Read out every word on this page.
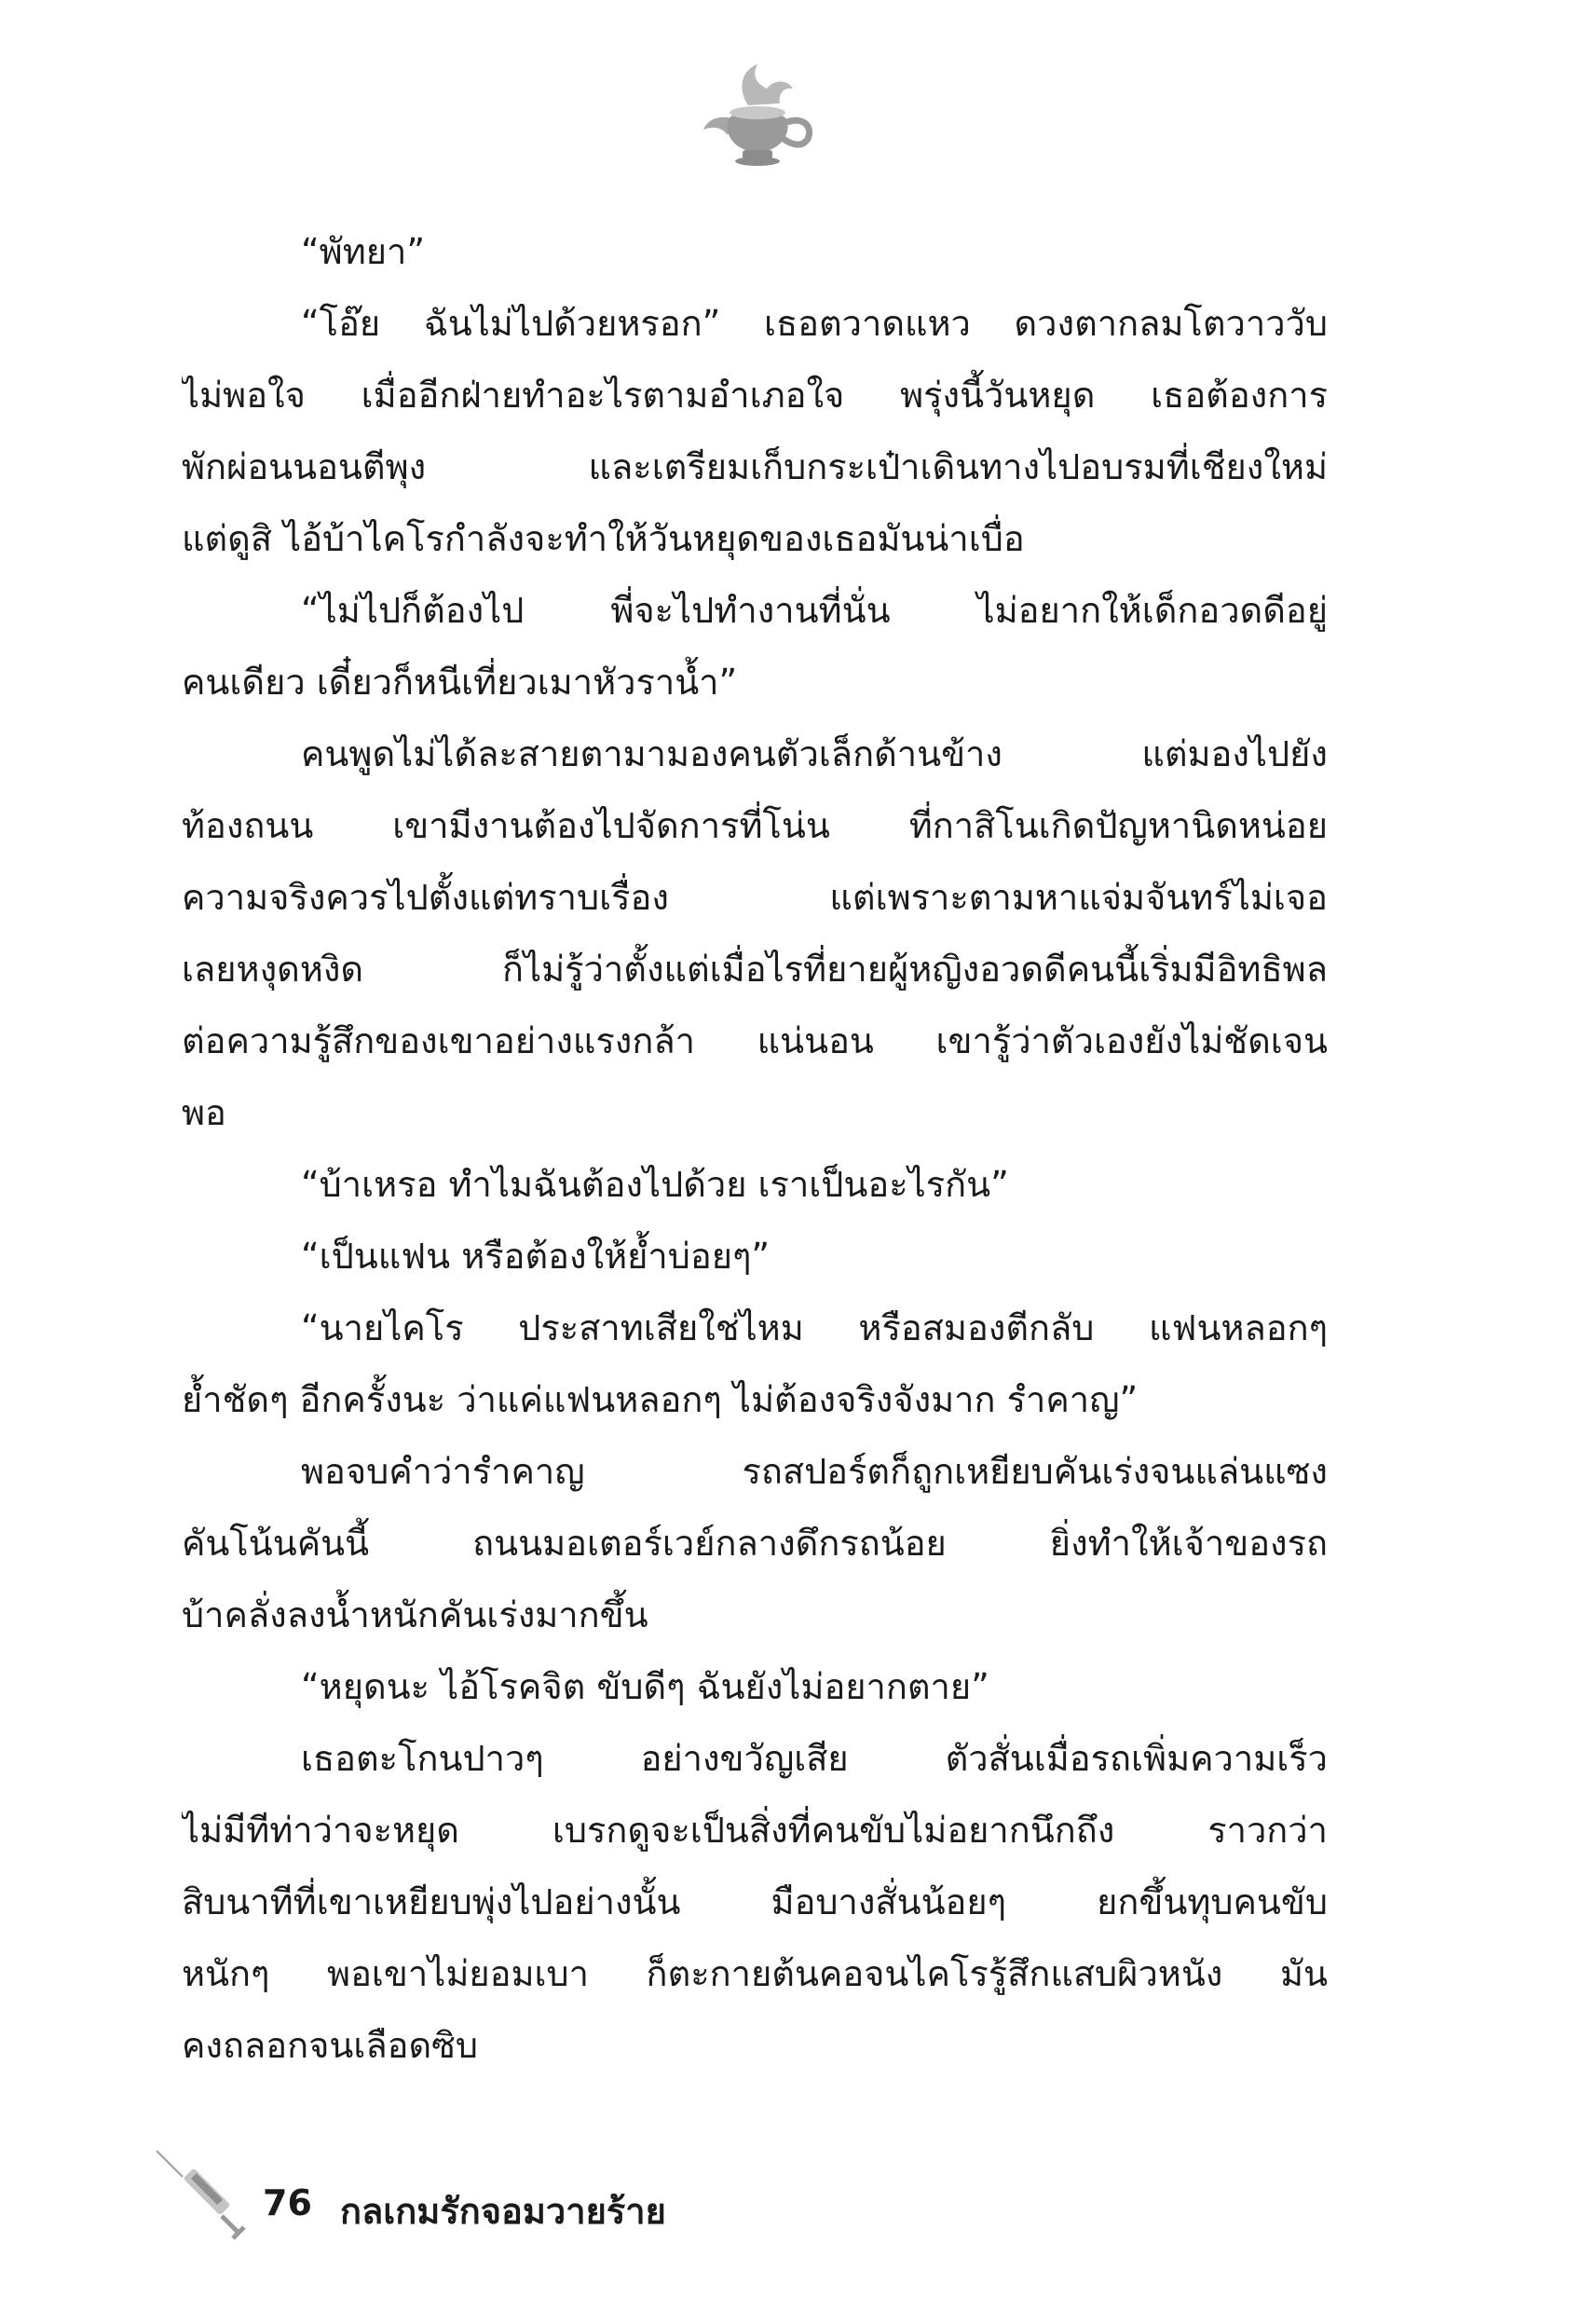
“พัทยา”
“โอ๊ย ฉันไม่ไปด้วยหรอก” เธอตวาดแหว ดวงตากลมโตวาววับ
ไม่พอใจ เมื่ออีกฝ่ายทำอะไรตามอำเภอใจ พรุ่งนี้วันหยุด เธอต้องการ
พักผ่อนนอนตีพุง และเตรียมเก็บกระเป๋าเดินทางไปอบรมที่เชียงใหม่
แต่ดูสิ ไอ้บ้าไคโรกำลังจะทำให้วันหยุดของเธอมันน่าเบื่อ
“ไม่ไปก็ต้องไป พี่จะไปทำงานที่นั่น ไม่อยากให้เด็กอวดดีอยู่
คนเดียว เดี๋ยวก็หนีเที่ยวเมาหัวราน้ำ”
คนพูดไม่ได้ละสายตามามองคนตัวเล็กด้านข้าง แต่มองไปยัง
ท้องถนน เขามีงานต้องไปจัดการที่โน่น ที่กาสิโนเกิดปัญหานิดหน่อย
ความจริงควรไปตั้งแต่ทราบเรื่อง แต่เพราะตามหาแจ่มจันทร์ไม่เจอ
เลยหงุดหงิด ก็ไม่รู้ว่าตั้งแต่เมื่อไรที่ยายผู้หญิงอวดดีคนนี้เริ่มมีอิทธิพล
ต่อความรู้สึกของเขาอย่างแรงกล้า แน่นอน เขารู้ว่าตัวเองยังไม่ชัดเจน
พอ
“บ้าเหรอ ทำไมฉันต้องไปด้วย เราเป็นอะไรกัน”
“เป็นแฟน หรือต้องให้ย้ำบ่อยๆ”
“นายไคโร ประสาทเสียใช่ไหม หรือสมองตีกลับ แฟนหลอกๆ
ย้ำชัดๆ อีกครั้งนะ ว่าแค่แฟนหลอกๆ ไม่ต้องจริงจังมาก รำคาญ”
พอจบคำว่ารำคาญ รถสปอร์ตก็ถูกเหยียบคันเร่งจนแล่นแซง
คันโน้นคันนี้ ถนนมอเตอร์เวย์กลางดึกรถน้อย ยิ่งทำให้เจ้าของรถ
บ้าคลั่งลงน้ำหนักคันเร่งมากขึ้น
“หยุดนะ ไอ้โรคจิต ขับดีๆ ฉันยังไม่อยากตาย”
เธอตะโกนปาวๆ อย่างขวัญเสีย ตัวสั่นเมื่อรถเพิ่มความเร็ว
ไม่มีทีท่าว่าจะหยุด เบรกดูจะเป็นสิ่งที่คนขับไม่อยากนึกถึง ราวกว่า
สิบนาทีที่เขาเหยียบพุ่งไปอย่างนั้น มือบางสั่นน้อยๆ ยกขึ้นทุบคนขับ
หนักๆ พอเขาไม่ยอมเบา ก็ตะกายต้นคอจนไคโรรู้สึกแสบผิวหนัง มัน
คงถลอกจนเลือดซิบ
76 กลเกมรักจอมวายร้าย
